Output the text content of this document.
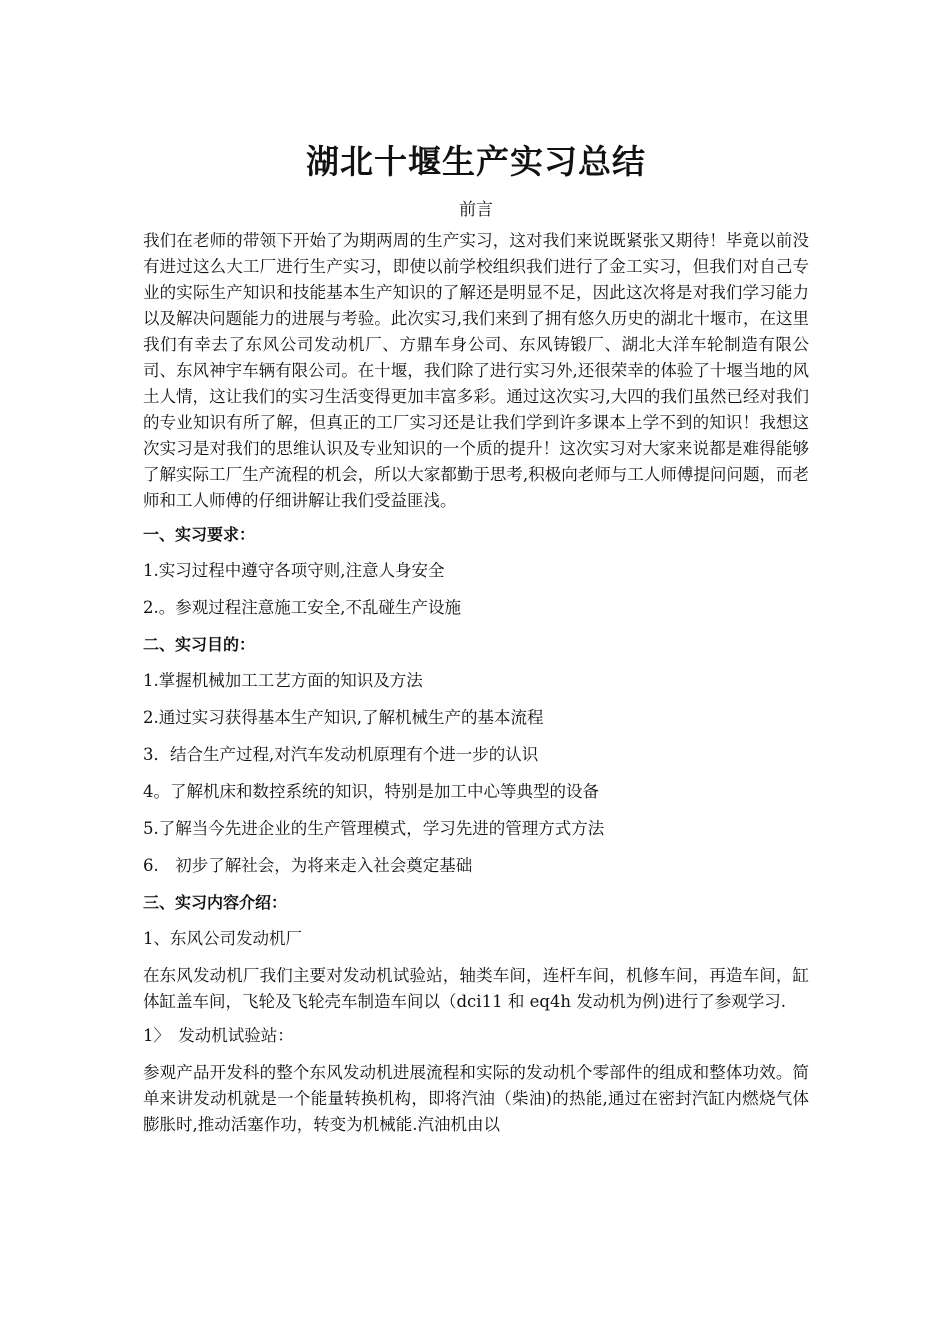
湖北十堰生产实习总结
前言

我们在老师的带领下开始了为期两周的生产实习，这对我们来说既紧张又期待！毕竟以前没有进过这么大工厂进行生产实习，即使以前学校组织我们进行了金工实习，但我们对自己专业的实际生产知识和技能基本生产知识的了解还是明显不足，因此这次将是对我们学习能力以及解决问题能力的进展与考验。此次实习,我们来到了拥有悠久历史的湖北十堰市，在这里我们有幸去了东风公司发动机厂、方鼎车身公司、东风铸锻厂、湖北大洋车轮制造有限公司、东风神宇车辆有限公司。在十堰，我们除了进行实习外,还很荣幸的体验了十堰当地的风土人情，这让我们的实习生活变得更加丰富多彩。通过这次实习,大四的我们虽然已经对我们的专业知识有所了解，但真正的工厂实习还是让我们学到许多课本上学不到的知识！我想这次实习是对我们的思维认识及专业知识的一个质的提升！这次实习对大家来说都是难得能够了解实际工厂生产流程的机会，所以大家都勤于思考,积极向老师与工人师傅提问问题，而老师和工人师傅的仔细讲解让我们受益匪浅。

一、实习要求：
1.实习过程中遵守各项守则,注意人身安全
2.。参观过程注意施工安全,不乱碰生产设施
二、实习目的：
1.掌握机械加工工艺方面的知识及方法
2.通过实习获得基本生产知识,了解机械生产的基本流程
3．结合生产过程,对汽车发动机原理有个进一步的认识
4。了解机床和数控系统的知识，特别是加工中心等典型的设备
5.了解当今先进企业的生产管理模式，学习先进的管理方式方法
6.　初步了解社会，为将来走入社会奠定基础
三、实习内容介绍：
1、东风公司发动机厂

在东风发动机厂我们主要对发动机试验站，轴类车间，连杆车间，机修车间，再造车间，缸体缸盖车间，飞轮及飞轮壳车制造车间以（dci11 和 eq4h 发动机为例)进行了参观学习.

1〉　发动机试验站：

参观产品开发科的整个东风发动机进展流程和实际的发动机个零部件的组成和整体功效。简单来讲发动机就是一个能量转换机构，即将汽油（柴油)的热能,通过在密封汽缸内燃烧气体膨胀时,推动活塞作功，转变为机械能.汽油机由以
